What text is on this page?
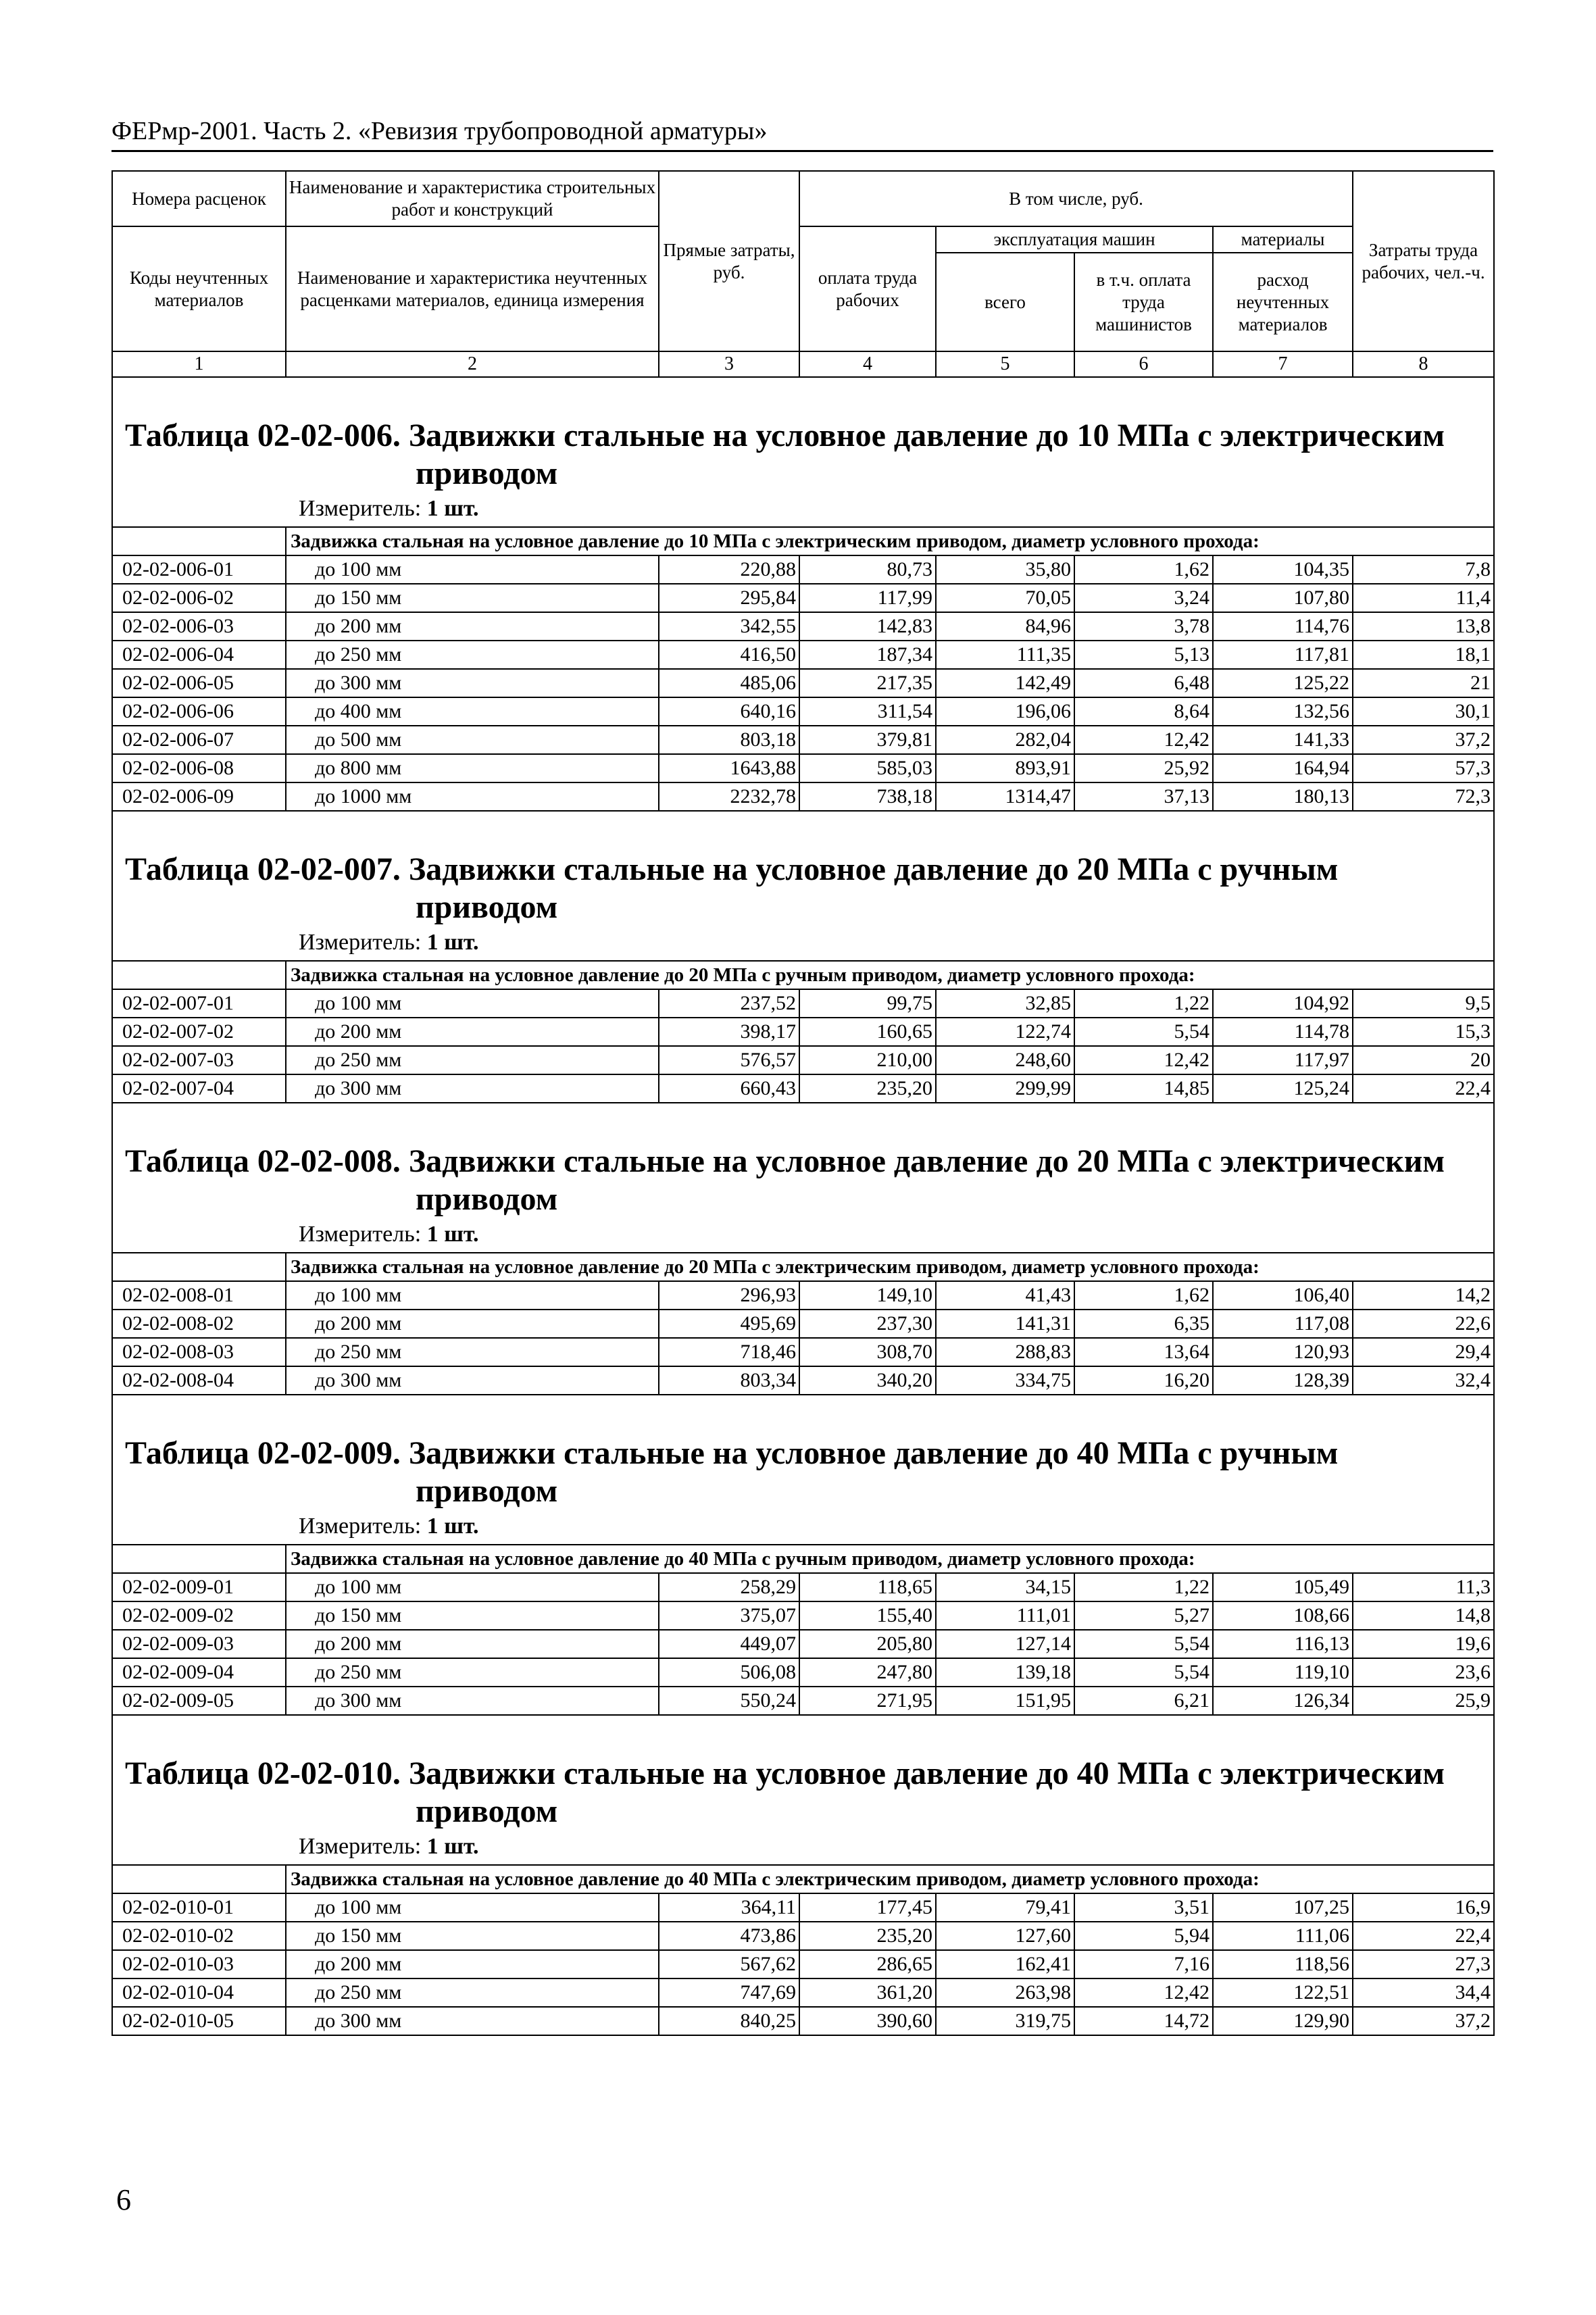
ФЕРмр-2001. Часть 2. «Ревизия трубопроводной арматуры»
Номера расценок	Наименование и характеристика строительных работ и конструкций	Прямые затраты, руб.	В том числе, руб.				Затраты труда рабочих, чел.-ч.
Коды неучтенных материалов	Наименование и характеристика неучтенных расценками материалов, единица измерения		оплата труда рабочих	эксплуатация машин		материалы	
				всего	в т.ч. оплата труда машинистов	расход неучтенных материалов	

1	2	3	4	5	6	7	8

Таблица 02-02-006. Задвижки стальные на условное давление до 10 МПа с электрическим
приводом							

Измеритель: 1 шт.							
	Задвижка стальная на условное давление до 10 МПа с электрическим приводом, диаметр условного прохода:						
02-02-006-01	до 100 мм	220,88	80,73	35,80	1,62	104,35	7,8
02-02-006-02	до 150 мм	295,84	117,99	70,05	3,24	107,80	11,4
02-02-006-03	до 200 мм	342,55	142,83	84,96	3,78	114,76	13,8
02-02-006-04	до 250 мм	416,50	187,34	111,35	5,13	117,81	18,1
02-02-006-05	до 300 мм	485,06	217,35	142,49	6,48	125,22	21
02-02-006-06	до 400 мм	640,16	311,54	196,06	8,64	132,56	30,1
02-02-006-07	до 500 мм	803,18	379,81	282,04	12,42	141,33	37,2
02-02-006-08	до 800 мм	1643,88	585,03	893,91	25,92	164,94	57,3
02-02-006-09	до 1000 мм	2232,78	738,18	1314,47	37,13	180,13	72,3

Таблица 02-02-007. Задвижки стальные на условное давление до 20 МПа с ручным
приводом							

Измеритель: 1 шт.							
	Задвижка стальная на условное давление до 20 МПа с ручным приводом, диаметр условного прохода:						
02-02-007-01	до 100 мм	237,52	99,75	32,85	1,22	104,92	9,5
02-02-007-02	до 200 мм	398,17	160,65	122,74	5,54	114,78	15,3
02-02-007-03	до 250 мм	576,57	210,00	248,60	12,42	117,97	20
02-02-007-04	до 300 мм	660,43	235,20	299,99	14,85	125,24	22,4

Таблица 02-02-008. Задвижки стальные на условное давление до 20 МПа с электрическим
приводом							

Измеритель: 1 шт.							
	Задвижка стальная на условное давление до 20 МПа с электрическим приводом, диаметр условного прохода:						
02-02-008-01	до 100 мм	296,93	149,10	41,43	1,62	106,40	14,2
02-02-008-02	до 200 мм	495,69	237,30	141,31	6,35	117,08	22,6
02-02-008-03	до 250 мм	718,46	308,70	288,83	13,64	120,93	29,4
02-02-008-04	до 300 мм	803,34	340,20	334,75	16,20	128,39	32,4

Таблица 02-02-009. Задвижки стальные на условное давление до 40 МПа с ручным
приводом							

Измеритель: 1 шт.							
	Задвижка стальная на условное давление до 40 МПа с ручным приводом, диаметр условного прохода:						
02-02-009-01	до 100 мм	258,29	118,65	34,15	1,22	105,49	11,3
02-02-009-02	до 150 мм	375,07	155,40	111,01	5,27	108,66	14,8
02-02-009-03	до 200 мм	449,07	205,80	127,14	5,54	116,13	19,6
02-02-009-04	до 250 мм	506,08	247,80	139,18	5,54	119,10	23,6
02-02-009-05	до 300 мм	550,24	271,95	151,95	6,21	126,34	25,9

Таблица 02-02-010. Задвижки стальные на условное давление до 40 МПа с электрическим
приводом							

Измеритель: 1 шт.							
	Задвижка стальная на условное давление до 40 МПа с электрическим приводом, диаметр условного прохода:						
02-02-010-01	до 100 мм	364,11	177,45	79,41	3,51	107,25	16,9
02-02-010-02	до 150 мм	473,86	235,20	127,60	5,94	111,06	22,4
02-02-010-03	до 200 мм	567,62	286,65	162,41	7,16	118,56	27,3
02-02-010-04	до 250 мм	747,69	361,20	263,98	12,42	122,51	34,4
02-02-010-05	до 300 мм	840,25	390,60	319,75	14,72	129,90	37,2
6
